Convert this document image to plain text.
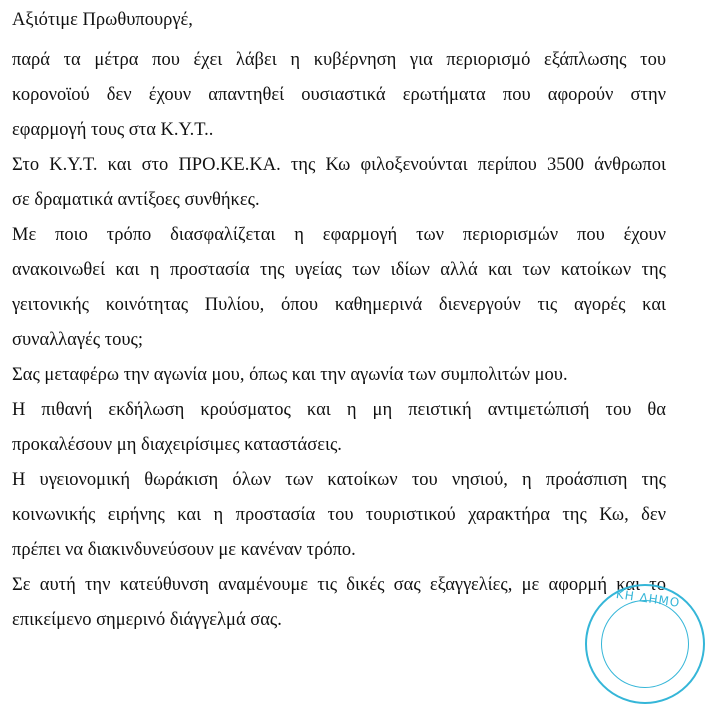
Αξιότιμε Πρωθυπουργέ,
παρά τα μέτρα που έχει λάβει η κυβέρνηση για περιορισμό εξάπλωσης του
κορονοϊού δεν έχουν απαντηθεί ουσιαστικά ερωτήματα που αφορούν στην
εφαρμογή τους στα Κ.Υ.Τ..
Στο Κ.Υ.Τ. και στο ΠΡΟ.ΚΕ.ΚΑ. της Κω φιλοξενούνται περίπου 3500 άνθρωποι
σε δραματικά αντίξοες συνθήκες.
Με ποιο τρόπο διασφαλίζεται η εφαρμογή των περιορισμών που έχουν
ανακοινωθεί και η προστασία της υγείας των ιδίων αλλά και των κατοίκων της
γειτονικής κοινότητας Πυλίου, όπου καθημερινά διενεργούν τις αγορές και
συναλλαγές τους;
Σας μεταφέρω την αγωνία μου, όπως και την αγωνία των συμπολιτών μου.
Η πιθανή εκδήλωση κρούσματος και η μη πειστική αντιμετώπισή του θα
προκαλέσουν μη διαχειρίσιμες καταστάσεις.
Η υγειονομική θωράκιση όλων των κατοίκων του νησιού, η προάσπιση της
κοινωνικής ειρήνης και η προστασία του τουριστικού χαρακτήρα της Κω, δεν
πρέπει να διακινδυνεύσουν με κανέναν τρόπο.
Σε αυτή την κατεύθυνση αναμένουμε τις δικές σας εξαγγελίες, με αφορμή και το
επικείμενο σημερινό διάγγελμά σας.
ΚΗ ΔΗΜΟ
